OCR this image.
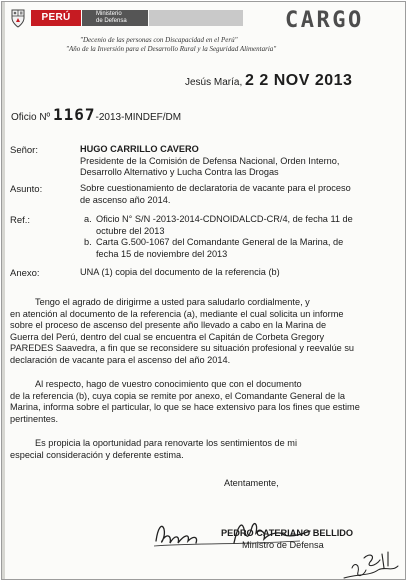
PERÚ	Ministerio
de Defensa	CARGO
"Decenio de las personas con Discapacidad en el Perú"
"Año de la Inversión para el Desarrollo Rural y la Seguridad Alimentaria"
Jesús María, 2 2 NOV 2013
Oficio Nº 1167-2013-MINDEF/DM
Señor:	HUGO CARRILLO CAVERO
Presidente de la Comisión de Defensa Nacional, Orden Interno,
Desarrollo Alternativo y Lucha Contra las Drogas
Asunto:	Sobre cuestionamiento de declaratoria de vacante para el proceso
de ascenso año 2014.
Ref.:	a. Oficio N° S/N -2013-2014-CDNOIDALCD-CR/4, de fecha 11 de
octubre del 2013
b. Carta G.500-1067 del Comandante General de la Marina, de
fecha 15 de noviembre del 2013
Anexo:	UNA (1) copia del documento de la referencia (b)
Tengo el agrado de dirigirme a usted para saludarlo cordialmente, y
en atención al documento de la referencia (a), mediante el cual solicita un informe
sobre el proceso de ascenso del presente año llevado a cabo en la Marina de
Guerra del Perú, dentro del cual se encuentra el Capitán de Corbeta Gregory
PAREDES Saavedra, a fin que se reconsidere su situación profesional y reevalúe su
declaración de vacante para el ascenso del año 2014.
Al respecto, hago de vuestro conocimiento que con el documento
de la referencia (b), cuya copia se remite por anexo, el Comandante General de la
Marina, informa sobre el particular, lo que se hace extensivo para los fines que estime
pertinentes.
Es propicia la oportunidad para renovarte los sentimientos de mi
especial consideración y deferente estima.
Atentamente,
PEDRO CATERIANO BELLIDO
Ministro de Defensa
